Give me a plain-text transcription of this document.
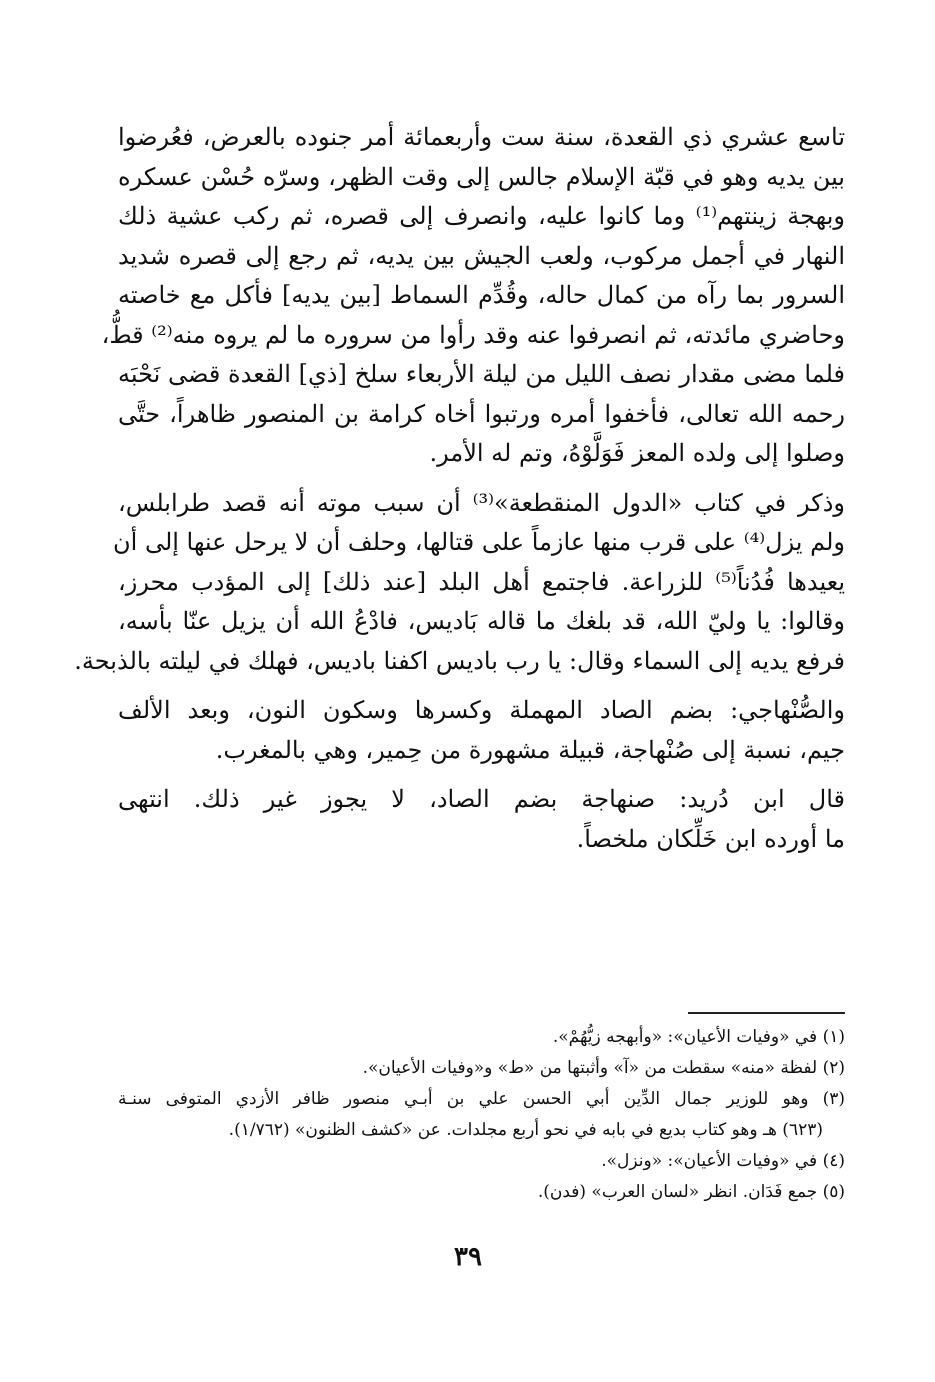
تاسع عشري ذي القعدة، سنة ست وأربعمائة أمر جنوده بالعرض، فعُرضوا
بين يديه وهو في قبّة الإسلام جالس إلى وقت الظهر، وسرّه حُسْن عسكره
وبهجة زينتهم⁽¹⁾ وما كانوا عليه، وانصرف إلى قصره، ثم ركب عشية ذلك
النهار في أجمل مركوب، ولعب الجيش بين يديه، ثم رجع إلى قصره شديد
السرور بما رآه من كمال حاله، وقُدِّم السماط [بين يديه] فأكل مع خاصته
وحاضري مائدته، ثم انصرفوا عنه وقد رأوا من سروره ما لم يروه منه⁽²⁾ قطُّ،
فلما مضى مقدار نصف الليل من ليلة الأربعاء سلخ [ذي] القعدة قضى نَحْبَه
رحمه الله تعالى، فأخفوا أمره ورتبوا أخاه كرامة بن المنصور ظاهراً، حتَّى
وصلوا إلى ولده المعز فَوَلَّوْهُ، وتم له الأمر.

وذكر في كتاب «الدول المنقطعة»⁽³⁾ أن سبب موته أنه قصد طرابلس،
ولم يزل⁽⁴⁾ على قرب منها عازماً على قتالها، وحلف أن لا يرحل عنها إلى أن
يعيدها فُدُناً⁽⁵⁾ للزراعة. فاجتمع أهل البلد [عند ذلك] إلى المؤدب محرز،
وقالوا: يا وليّ الله، قد بلغك ما قاله بَاديس، فادْعُ الله أن يزيل عنّا بأسه،
فرفع يديه إلى السماء وقال: يا رب باديس اكفنا باديس، فهلك في ليلته بالذبحة.

والصُّنْهاجي: بضم الصاد المهملة وكسرها وسكون النون، وبعد الألف
جيم، نسبة إلى صُنْهاجة، قبيلة مشهورة من حِمير، وهي بالمغرب.

قال ابن دُريد: صنهاجة بضم الصاد، لا يجوز غير ذلك. انتهى
ما أورده ابن خَلِّكان ملخصاً.

(١) في «وفيات الأعيان»: «وأبهجه زيُّهُمْ».
(٢) لفظة «منه» سقطت من «آ» وأثبتها من «ط» و«وفيات الأعيان».
(٣) وهو للوزير جمال الدِّين أبي الحسن علي بن أبـي منصور ظافر الأزدي المتوفى سنـة
(٦٢٣) هـ وهو كتاب بديع في بابه في نحو أربع مجلدات. عن «كشف الظنون» (١/٧٦٢).
(٤) في «وفيات الأعيان»: «ونزل».
(٥) جمع فَدَان. انظر «لسان العرب» (فدن).
٣٩
